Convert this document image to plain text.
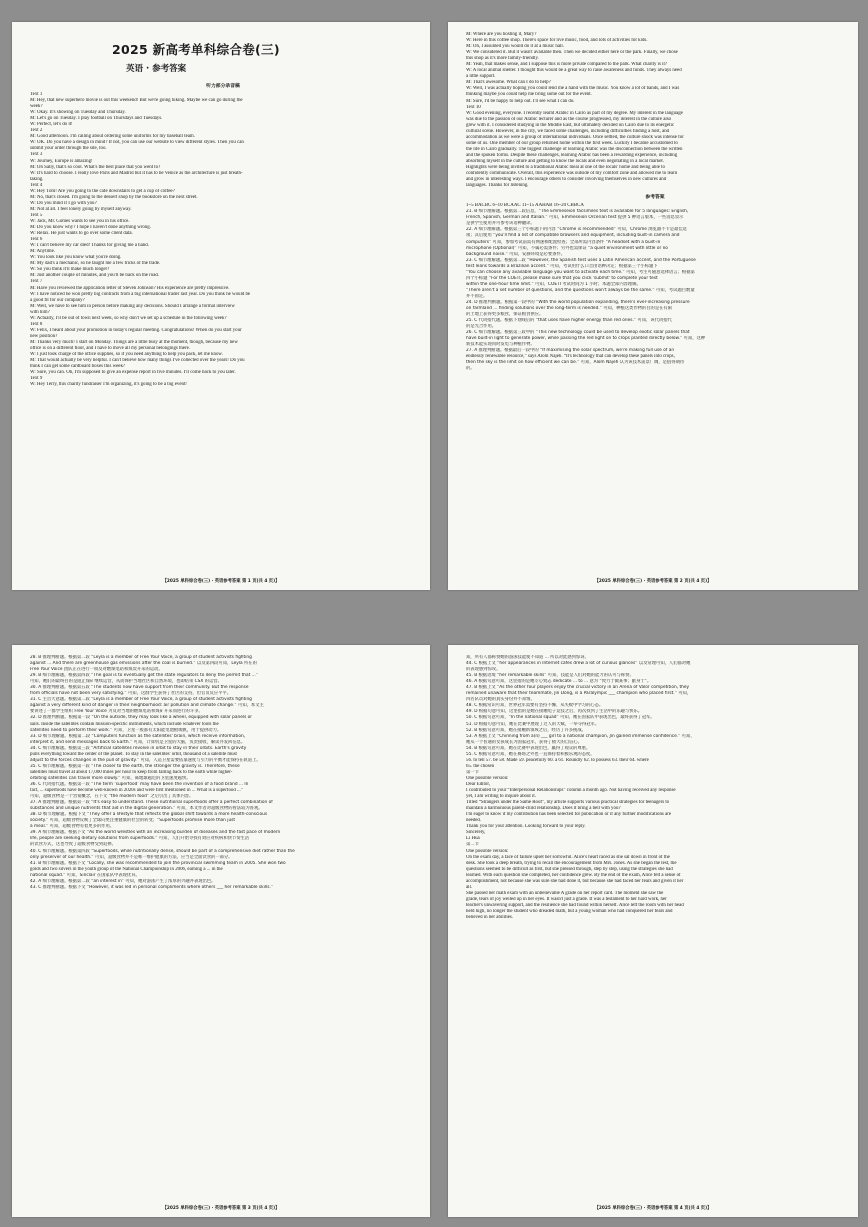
2025 新高考单科综合卷(三)
英语 · 参考答案
听力部分录音稿
Text 1
M: Hey, that new superhero movie is out this weekend! But we're going hiking. Maybe we can go during the
week?
W: Okay. It's showing on Tuesday and Thursday.
M: Let's go on Tuesday. I play football on Thursdays and Tuesdays.
W: Perfect, let's do it!
Text 2
M: Good afternoon. I'm calling about ordering some uniforms for my baseball team.
W: OK. Do you have a design in mind? If not, you can use our website to view different styles. Then you can
submit your order through the site, too.
Text 3
W: Journey, Europe is amazing!
M: Oh Sally, that's so cool. What's the best place that you went to?
W: It's hard to choose. I really love Paris and Madrid but it has to be Venice as the architecture is just breath-
taking.
Text 4
W: Hey Tom! Are you going to the cafe downstairs to get a cup of coffee?
M: No, that's closed. I'm going to the dessert shop by the bookstore on the next street.
W: Do you mind if I go with you?
M: Not at all. I feel lonely going by myself anyway.
Text 5
W: Jack, Mr. Gomes wants to see you in his office.
M: Do you know why? I hope I haven't done anything wrong.
W: Relax. He just wants to go over some client data.
Text 6
W: I can't believe my car died! Thanks for giving me a hand.
M: Anytime.
W: You look like you know what you're doing.
M: My dad's a mechanic, so he taught me a few tricks of the trade.
W: So you think it'll make much longer?
M: Just another couple of minutes, and you'll be back on the road.
Text 7
M: Have you reviewed the application letter of Steven Johnson? His experience are pretty impressive.
W: I have noticed he won pretty big contracts from a big international trader last year. Do you think he would be
a good fit for our company?
M: Well, we have to see him in person before making any decisions. Should I arrange a formal interview
with him?
W: Actually, I'll be out of town next week, so why don't we set up a schedule in the following week?
Text 8
W: Felix, I heard about your promotion in today's regular meeting. Congratulations! When do you start your
new position?
M: Thanks very much! I start on Monday. Things are a little busy at the moment, though, because my new
office is on a different floor, and I have to move all my personal belongings there.
W: I just took charge of the office supplies, so if you need anything to help you pack, let me know.
M: That would actually be very helpful. I can't believe how many things I've collected over the years! Do you
think I can get some cardboard boxes this week?
W: Sure, you can. Oh, I'm supposed to give an expense report in five minutes. I'll come back to you later.
Text 9
W: Hey Terry, this charity fundraiser I'm organizing, it's going to be a big event!
【2025 单科综合卷(三) · 英语参考答案 第 1 页(共 4 页)】
M: Where are you hosting it, Mary?
W: Here in this coffee shop. There's space for live music, food, and lots of activities for kids.
M: Oh, I assumed you would do it at a music hall.
W: We considered it. But it wasn't available then. Then we decided either here or the park. Finally, we chose
this shop as it's more family-friendly.
M: Yeah, that makes sense, and I suppose this is more private compared to the park. What charity is it?
W: A local animal shelter. I thought this would be a great way to raise awareness and funds. They always need
a little support.
M: That's awesome. What can I do to help?
W: Well, I was actually hoping you could lend me a hand with the music. You know a lot of bands, and I was
thinking maybe you could help me bring some out for the event.
M: Sure, I'd be happy to help out. I'll see what I can do.
Text 10
W: Good evening, everyone. I recently learnt Arabic in Cairo as part of my degree. My interest in the language
was due to the passion of our Arabic lecturer and as the course progressed, my interest in the culture also
grew with it. I considered studying in the Middle East, but ultimately decided on Cairo due to its energetic
cultural scene. However, in the city, we faced some challenges, including difficulties finding a host, and
accommodation as we were a group of international individuals. Once settled, the culture shock was intense for
some of us. One member of our group returned home within the first week. Luckily I became accustomed to
the life in Cairo gradually. The biggest challenge of learning Arabic was the disconnection between the written
and the spoken forms. Despite these challenges, learning Arabic has been a rewarding experience, including
absorbing myself in the culture and getting to know the locals and even negotiating in a local market.
Highlights were being invited to a traditional Arabic meal at one of the locals' home and being able to
confidently communicate. Overall, this experience was outside of my comfort zone and allowed me to learn
and grow in interesting ways. I encourage others to consider involving themselves in new cultures and
languages. Thanks for listening.
参考答案
1~5 BACBC 6~10 BCAAC 11~15 AAHAB 16~20 CBBCA
21. B 细节理解题。根据第二段信息，“The Emmeseion facsimiles text is available for 5 languages: English,
French, Spanish, German and Italian.” 可知，Emmeseion Orcerian test 提供 5 种语言版本，一些消息显示
是供学生使用并可参考该语种翻译。
22. A 细节理解题。根据第三个小标题下的内容 “Chrome is recommended” 可知，Chrome 浏览器不卡是最佳选
项；其后使用 “you'll find a list of compatible browsers and equipment, including built-in camera and
computers” 可知，参加考试前需有网速和配置检查；全部所需内容条件 “A headset with a built-in
microphone (Optional)” 可知，不属必需条件；另外也需保证 “a quiet environment with little or no
background noise.” 可知，安静环境是必要条件。
23. C 细节理解题。根据第二段 “However, the Spanish test uses a Latin American accent, and the Portuguese
test leans towards a Brazilian accent.” 可知，考试用什么口音由语种决定；根据第三个小标题下
“You can choose any available language you want to activate each time.” 可知，考生可随意选择语言；根据第
四个小标题 “For the COETI, please make sure that you click 'submit' to complete your test
within the one-hour time limit.” 可知，COETI 考试时间为 1 小时；本题全部内容理解。
“There aren't a set number of questions, and the questions won't always be the same.” 可知，考试题目数量
并不固定。
24. D 推理判断题。根据第一段中的 “With the world population expanding, there's ever-increasing pressure
on farmland ... finding solutions over the long-term is needed.” 可知，种植这类作物的目的是在有限
的土地上获得更多粮食，保证粮食供应。
25. C 代词指代题。根据下划线后的 “that uses have higher energy than red ones.” 可知，该代词指代
的是光合作用。
26. C 细节理解题。根据第三段中的 “This new technology could be used to develop exotic solar panels that
have built-in light to generate power, while passing the red light on to crops planted directly below.” 可知，这种
新技术能实现同时发电与种植作物。
27. A 推理判断题。根据最后一段中的 “If maximising the solar spectrum, we're making full use of an
endlessly renewable resource,” says Alom Najeh. “It's technology that can develop these panels into crops,
then the sky is the limit on how efficient we can be.” 可知，Alom Najeh 认为该技术前景广阔，是值得期待
的。
【2025 单科综合卷(三) · 英语参考答案 第 2 页(共 4 页)】
28. B 推理判断题。根据第二段 “Leyla is a member of Free Your Voice, a group of student activists fighting
against ... And there are greenhouse gas emissions after the coal is burned.” 以及第四段可知，Leyla 所在的
Free Your Voice 团队正在进行一项反对燃煤电站和煤炭开采的运动。
29. B 细节理解题。根据第四段 “The goal is to eventually get the state regulators to deny the permit that ...”
可知，她们的最终目的是阻止煤矿继续运营，从而保护当地社区和自然环境，也即结束 CSX 的运营。
30. A 推理判断题。根据第五段 “The students now have support from their community. But the response
from officials have not been very satisfying.” 可知，这群学生获得了社区的支持，但官员反应平平。
31. C 主旨大意题。根据第二段 “Leyla is a member of Free Your Voice, a group of student activists fighting
against a very different kind of danger in their neighborhood: air pollution and climate change.” 可知，本文主
要讲述了一群学生组织 Free Your Voice 为反对当地的燃煤电站和煤矿开采而进行的斗争。
32. D 推理判断题。根据第一段 “On the outside, they may look like a wheel, equipped with solar panels or
sails. Inside the satellites contain mission-specific instruments, which include whatever tools the
satellites need to perform their work.” 可知，卫星一般都有太阳能电池板或帆，用于提供动力。
33. D 细节理解题。根据第二段 “Computers function as the satellites' brain, which receive information,
interpret it, and send messages back to Earth.” 可知，计算机是卫星的大脑，负责接收、解读并发回信息。
34. C 细节理解题。根据第三段 “Artificial satellites revolve in orbit to stay in their orbits. Earth's gravity
pulls everything toward the center of the planet. To stay in the satellites' orbit, thousand of a satellite must
adjust to the forces changes in the pull of gravity.” 可知，人造卫星需要依靠速度与引力的平衡才能保持在轨道上。
35. C 细节理解题。根据第一段 “The closer to the earth, the stronger the gravity is. Therefore, these
satellites must travel at about 17,000 miles per hour to keep from falling back to the earth while higher-
orbiting satellites can travel more slowly.” 可知，离地球越近的卫星速度越快。
36. C 代词指代题。根据第一段 “The term ‘superfood’ may have been the invention of a food brand ... In
fact, ... superfoods have become well-known in 2020s and were first mentioned in ... What is a superfood ...”
可知，超级食物是一个营销概念，在下文 “the modern food” 之后引出了具体内容。
37. A 推理判断题。根据第一段 “It's easy to understand. These nutritional superfoods offer a perfect combination of
substances and unique nutrients that aid in the digital generation.” 可知，本文作者对超级食物的看法较为客观。
38. D 细节理解题。根据下文 “They offer a lifestyle that reflects the global shift towards a more health-conscious
society.” 可知，超级食物反映了全球向更注重健康的社会的转变；“Superfoods promise more than just
a meal.” 可知，超级食物有着更多的作用。
39. A 细节理解题。根据下文 “As the world wrestles with an increasing burden of diseases and the fast pace of modern
life, people are seeking dietary solutions from superfoods.” 可知，人们开始寻找有效应对疾病和快节奏生活
的饮食方式，这也导致了超级食物受到追捧。
40. C 细节理解题。根据第四段 “Superfoods, while nutritionally dense, should be part of a comprehensive diet rather than the
only preserver of our health.” 可知，超级食物并不是唯一维护健康的方法，应当是全面饮食的一部分。
41. B 细节理解题。根据下文 “Locally, she was recommended to join the provincial swimming team in 2005. She won two
golds and two silvers in the youth group of the National Championship in 2006, earning a ... in the
national squad.” 可知，Sinclair 在国家队中表现优异。
42. A 细节理解题。根据第二段 “an interest in” 可知，她对游泳产生了浓厚的兴趣并表现出色。
43. C 推理判断题。根据下文 “However, it was led in personal compliments where others ___ her remarkable skills.”
【2025 单科综合卷(三) · 英语参考答案 第 3 页(共 4 页)】
知，所有人都称赞她的游泳技能使不知道 ... 所以对此感到惊讶。
44. C 根据上文 “her appearances in Internet cafes drew a lot of curious glances” 以及常理可知，人们都对她
的表现感到惊叹。
45. B 根据语境 “her remarkable skills” 可知，技能是人们对她的能力的认可与称赞。
46. A 根据句意可知，这里指的是她专心致志 dedicate ... to ... 意为 “致力于做某事；献身于”。
47. B 根据上文 “As the other four players enjoy the crucial victory in an Arena of Valor competition, they
remained unaware that their teammate, Jin Dong, is a Paralympic ___ champion who placed first.” 可知，
四名队员对她的真实身份并不知情。
48. C 根据常识可知，世界冠军需要有坚持不懈、从失败中学习的心态。
49. D 根据句意可知，这里指的是她在接触电子竞技之后，再次找到了生活中的乐趣与快乐。
50. C 根据句意可知，“In the national squad” 可知，她在国家队中表现出色，最终获得了冠军。
51. D 根据句意可知，她在比赛中展现了过人的天赋，一举夺得冠军。
52. B 根据句意可知，她在接触新领域之后，经历了许多挑战。
53. A 根据上文 “Chinning from a(n) ___ girl to a national champion, Jin gained immense confidence.” 可知，
她从一个普通的女孩成长为国家冠军，获得了极大的自信心。
54. B 根据句意可知，她在比赛中表现出色，赢得了观众的尊重。
55. C 根据句意可知，她在赛场之外也一直保持着积极乐观的态度。
56. to tell 57. be 58. Made 59. peacefully 60. a 61. Roundly 62. to possess 63. their 64. where
65. the chosen
第一节
One possible version:
Dear Editor,
I contributed to your “Interpersonal Relationships” column a month ago. Not having received any response
yet, I am writing to inquire about it.
Titled “Strangers under the Same Roof”, my article supports various practical strategies for teenagers to
maintain a harmonious parent-child relationship. Does it bring a bell with you?
I'm eager to know if my contribution has been selected for publication or if any further modifications are
needed.
Thank you for your attention. Looking forward to your reply.
Sincerely,
Li Hua
第二节
One possible version:
On the exam day, a face of failure upset her sorrowful. Alice's heart raced as she sat down in front of the
desk. She took a deep breath, trying to recall the encouragement from Mrs. Jones. As she began the test, the
questions seemed to be difficult as first, but she pressed through, step by step, using the strategies she had
learned. With each question she completed, her confidence grew. By the end of the exam, Alice felt a sense of
accomplishment, not because she was sure she had done it, but because she had faced her fears and given it her
all.
She passed her math exam with an unbelievable A grade on her report card. The moment she saw the
grade, tears of joy welled up in her eyes. It wasn't just a grade. It was a testament to her hard work, her
teacher's unwavering support, and the resilience she had found within herself. Alice left the room with her head
held high, no longer the student who dreaded math, but a young woman who had conquered her fears and
believed in her abilities.
【2025 单科综合卷(三) · 英语参考答案 第 4 页(共 4 页)】
